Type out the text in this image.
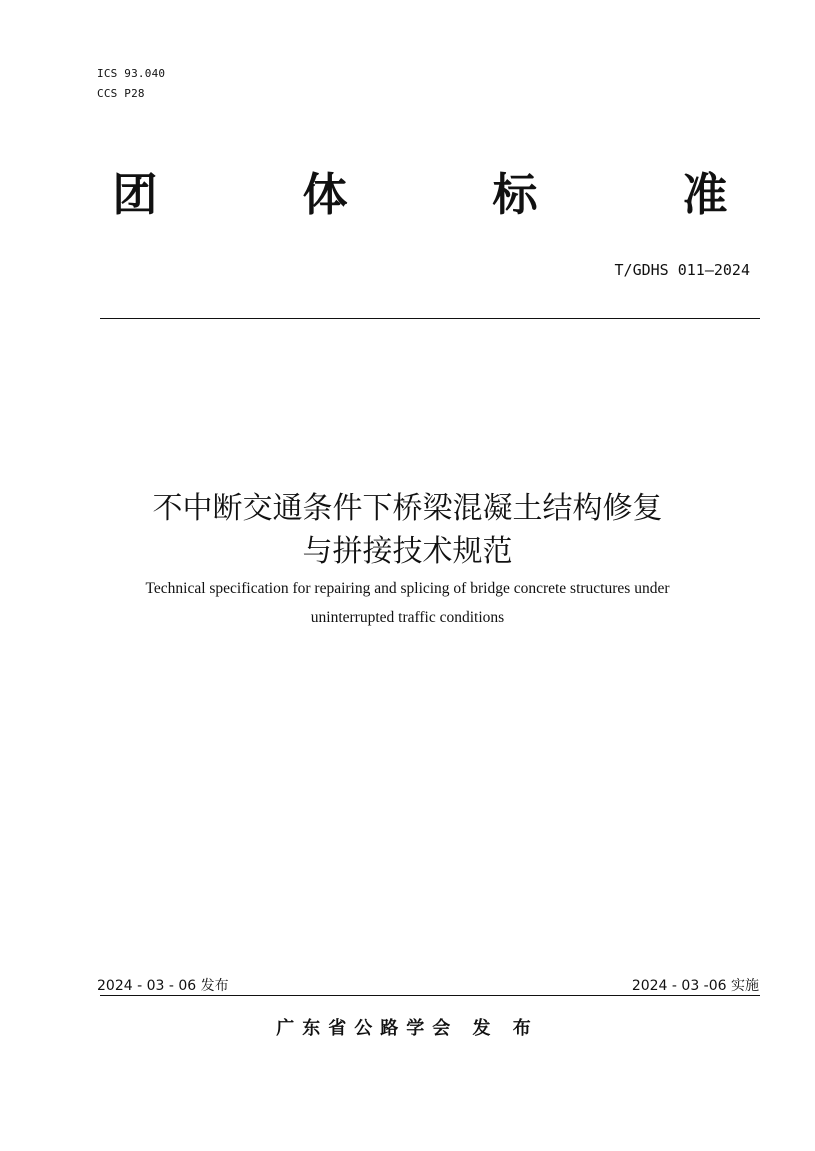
ICS 93.040
CCS P28
团	体	标	准
T/GDHS 011—2024
不中断交通条件下桥梁混凝土结构修复
与拼接技术规范
Technical specification for repairing and splicing of bridge concrete structures under
uninterrupted traffic conditions
2024 - 03 - 06 发布	2024 - 03 -06 实施
广东省公路学会 发 布
